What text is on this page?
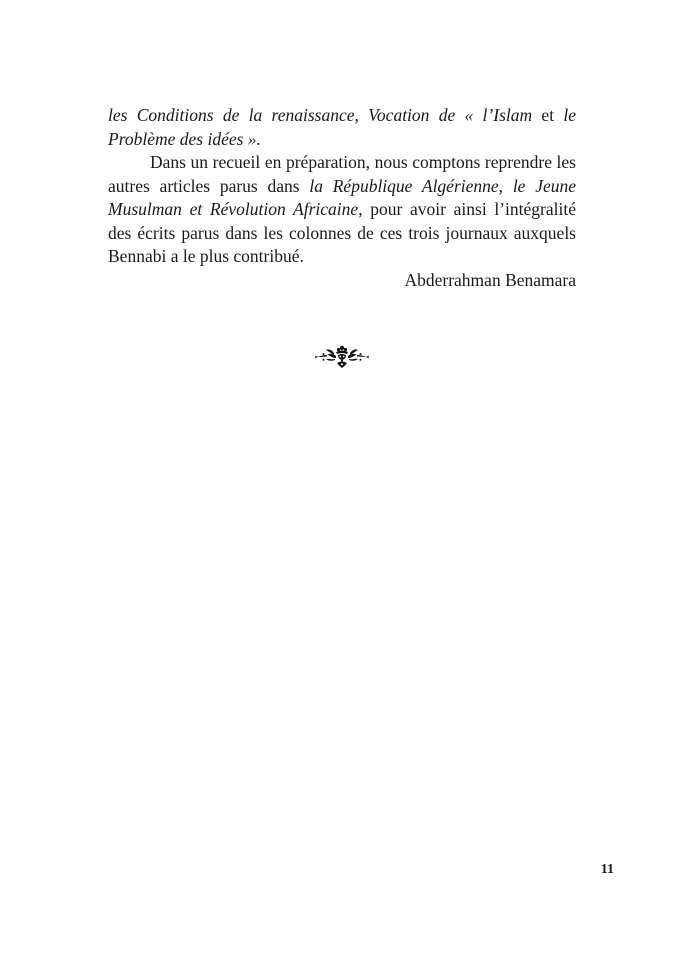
les Conditions de la renaissance, Vocation de « l’Islam et le Problème des idées ».

Dans un recueil en préparation, nous comptons reprendre les autres articles parus dans la République Algérienne, le Jeune Musulman et Révolution Africaine, pour avoir ainsi l’intégralité des écrits parus dans les colonnes de ces trois journaux auxquels Bennabi a le plus contribué.

Abderrahman Benamara

11
